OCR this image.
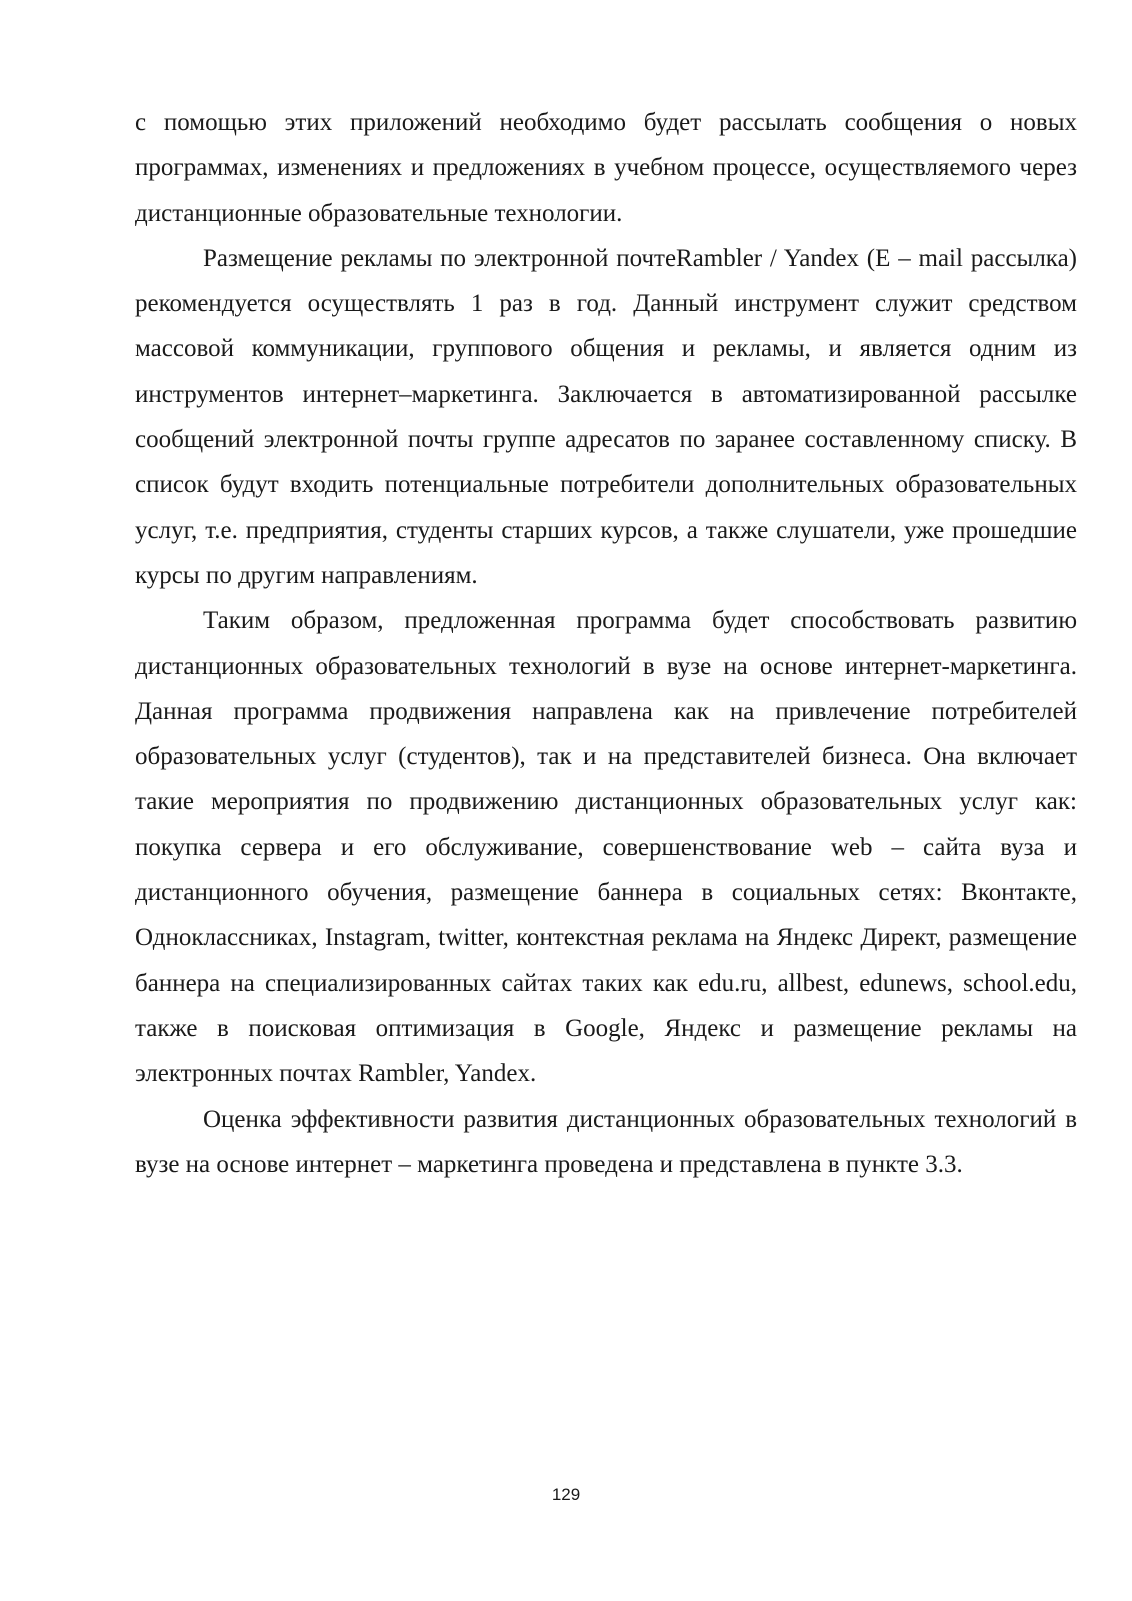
с помощью этих приложений необходимо будет рассылать сообщения о новых программах, изменениях и предложениях в учебном процессе, осуществляемого через дистанционные образовательные технологии.

Размещение рекламы по электронной почтеRambler / Yandex (E – mail рассылка) рекомендуется осуществлять 1 раз в год. Данный инструмент служит средством массовой коммуникации, группового общения и рекламы, и является одним из инструментов интернет–маркетинга. Заключается в автоматизированной рассылке сообщений электронной почты группе адресатов по заранее составленному списку. В список будут входить потенциальные потребители дополнительных образовательных услуг, т.е. предприятия, студенты старших курсов, а также слушатели, уже прошедшие курсы по другим направлениям.

Таким образом, предложенная программа будет способствовать развитию дистанционных образовательных технологий в вузе на основе интернет-маркетинга. Данная программа продвижения направлена как на привлечение потребителей образовательных услуг (студентов), так и на представителей бизнеса. Она включает такие мероприятия по продвижению дистанционных образовательных услуг как: покупка сервера и его обслуживание, совершенствование web – сайта вуза и дистанционного обучения, размещение баннера в социальных сетях: Вконтакте, Одноклассниках, Instagram, twitter, контекстная реклама на Яндекс Директ, размещение баннера на специализированных сайтах таких как edu.ru, allbest, edunews, school.edu, также в поисковая оптимизация в Google, Яндекс и размещение рекламы на электронных почтах Rambler, Yandex.

Оценка эффективности развития дистанционных образовательных технологий в вузе на основе интернет – маркетинга проведена и представлена в пункте 3.3.

129
